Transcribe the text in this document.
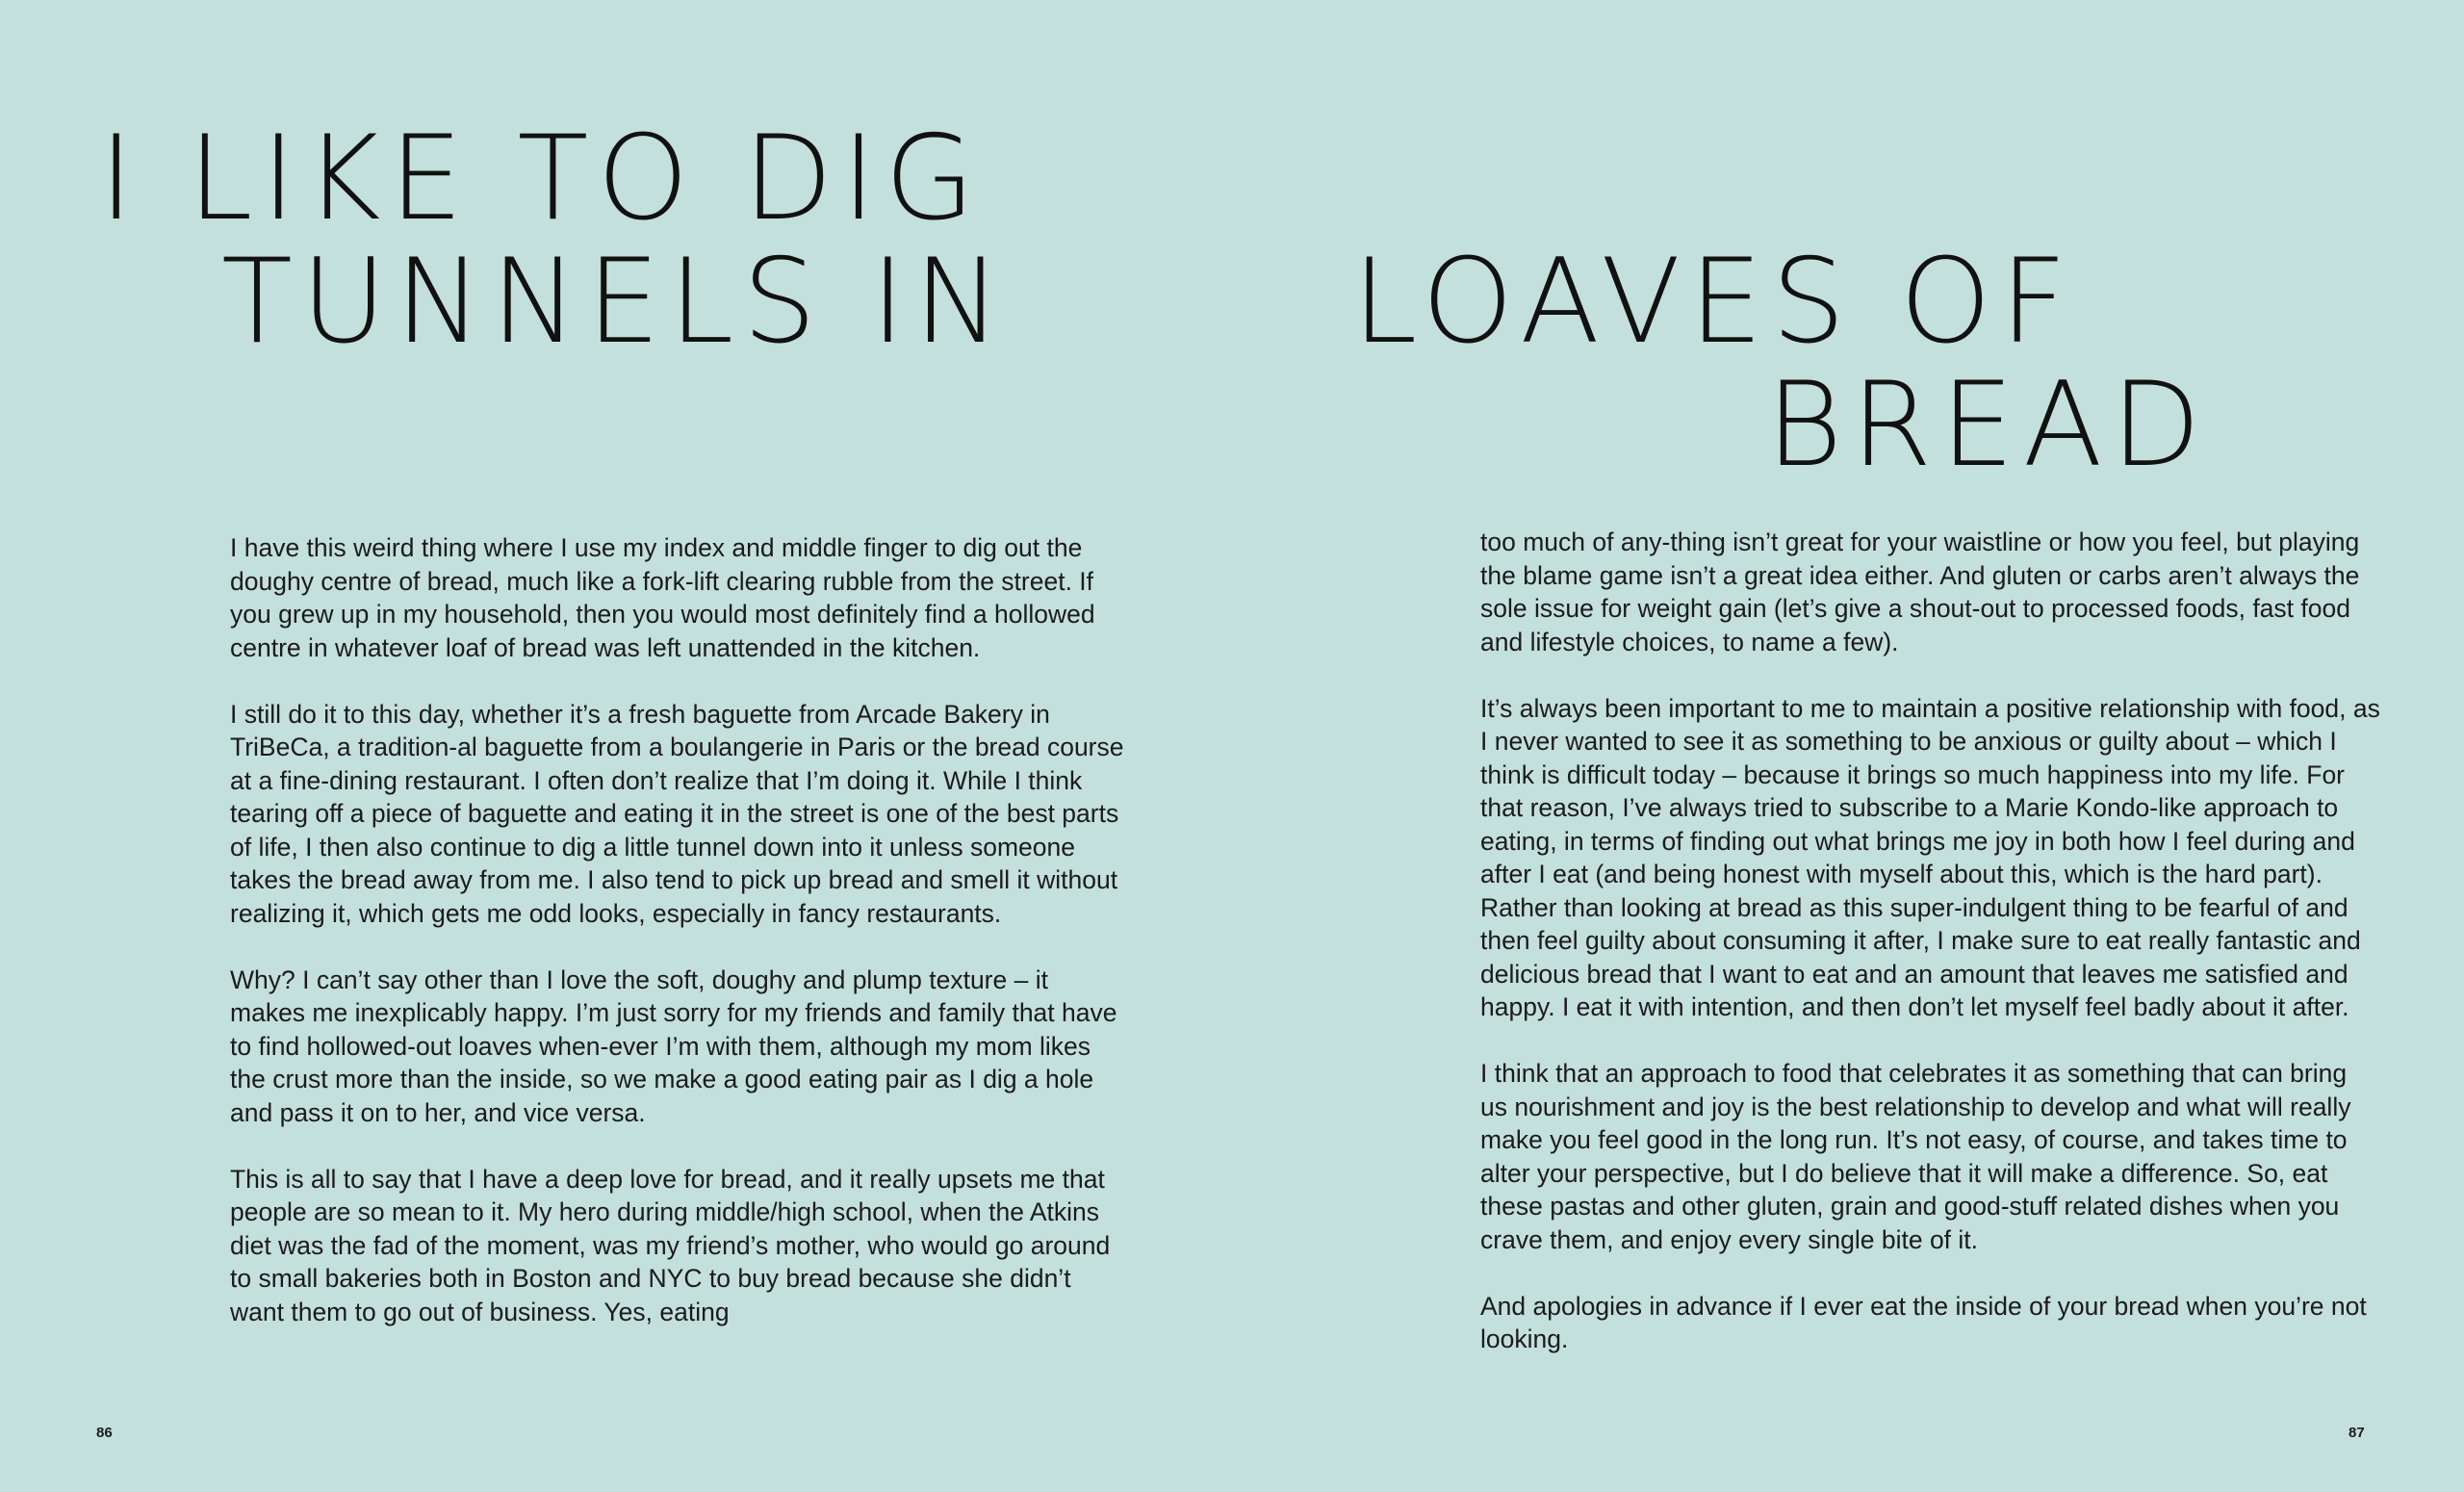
I LIKE TO DIG
TUNNELS IN

I have this weird thing where I use my index and middle finger to dig out the doughy centre of bread, much like a fork-lift clearing rubble from the street. If you grew up in my household, then you would most definitely find a hollowed centre in whatever loaf of bread was left unattended in the kitchen.

I still do it to this day, whether it’s a fresh baguette from Arcade Bakery in TriBeCa, a tradition-al baguette from a boulangerie in Paris or the bread course at a fine-dining restaurant. I often don’t realize that I’m doing it. While I think tearing off a piece of baguette and eating it in the street is one of the best parts of life, I then also continue to dig a little tunnel down into it unless someone takes the bread away from me. I also tend to pick up bread and smell it without realizing it, which gets me odd looks, especially in fancy restaurants.

Why? I can’t say other than I love the soft, doughy and plump texture – it makes me inexplicably happy. I’m just sorry for my friends and family that have to find hollowed-out loaves when-ever I’m with them, although my mom likes the crust more than the inside, so we make a good eating pair as I dig a hole and pass it on to her, and vice versa.

This is all to say that I have a deep love for bread, and it really upsets me that people are so mean to it. My hero during middle/high school, when the Atkins diet was the fad of the moment, was my friend’s mother, who would go around to small bakeries both in Boston and NYC to buy bread because she didn’t want them to go out of business. Yes, eating

86
LOAVES OF
BREAD

too much of any-thing isn’t great for your waistline or how you feel, but playing the blame game isn’t a great idea either. And gluten or carbs aren’t always the sole issue for weight gain (let’s give a shout-out to processed foods, fast food and lifestyle choices, to name a few).

It’s always been important to me to maintain a positive relationship with food, as I never wanted to see it as something to be anxious or guilty about – which I think is difficult today – because it brings so much happiness into my life. For that reason, I’ve always tried to subscribe to a Marie Kondo-like approach to eating, in terms of finding out what brings me joy in both how I feel during and after I eat (and being honest with myself about this, which is the hard part). Rather than looking at bread as this super-indulgent thing to be fearful of and then feel guilty about consuming it after, I make sure to eat really fantastic and delicious bread that I want to eat and an amount that leaves me satisfied and happy. I eat it with intention, and then don’t let myself feel badly about it after.

I think that an approach to food that celebrates it as something that can bring us nourishment and joy is the best relationship to develop and what will really make you feel good in the long run. It’s not easy, of course, and takes time to alter your perspective, but I do believe that it will make a difference. So, eat these pastas and other gluten, grain and good-stuff related dishes when you crave them, and enjoy every single bite of it.

And apologies in advance if I ever eat the inside of your bread when you’re not looking.

87
